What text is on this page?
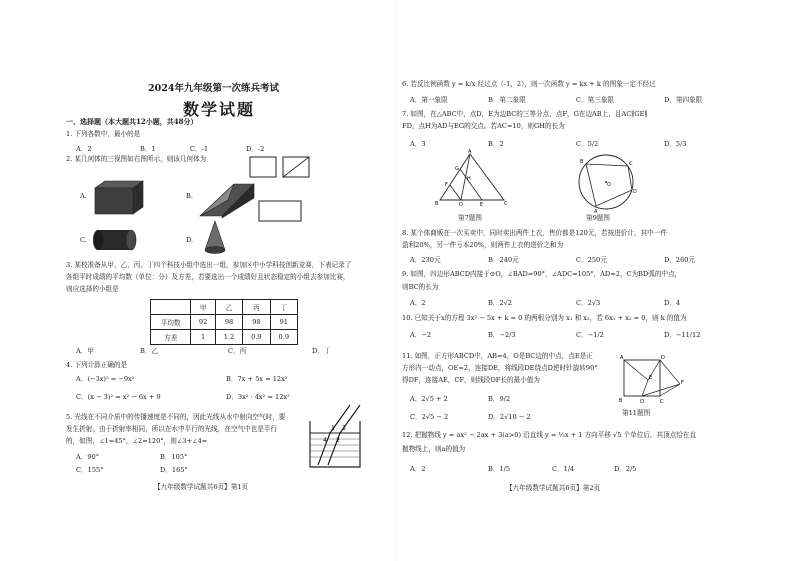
2024年九年级第一次练兵考试
数学试题
一、选择题（本大题共12小题，共48分）
1. 下列各数中，最小的是
A．2	B．1	C．-1	D．-2
2. 某几何体的三视图如右图所示，则该几何体为
A.	B.
C.	D.
3. 某校准备从甲、乙、丙、丁四个科技小组中选出一组，参加区中小学科技创新竞赛，下表记录了
各组平时成绩的平均数（单位：分）及方差，若要选出一个成绩好且状态稳定的小组去参加比赛，
则应选择的小组是
	甲	乙	丙	丁
平均数	92	98	98	91
方差	1	1.2	0.9	0.9
A．甲	B．乙	C．丙	D．丁
4. 下列计算正确的是
A．(−3x)² = −9x²	B．7x + 5x = 12x²
C．(x − 3)² = x² − 6x + 9	D．3x² · 4x² = 12x²
5. 光线在不同介质中的传播速度是不同的，因此光线从水中射向空气时，要
发生折射。由于折射率相同，所以在水中平行的光线，在空气中也是平行
的，如图，∠1=45°，∠2=120°，则∠3+∠4=
A．90°	B．105°
C．155°	D．165°
1
2
3
4
【九年级数学试题共6页】第1页
6. 若反比例函数 y = k/x 经过点（-1，2），则一次函数 y = kx + k 的图象一定不经过
A．第一象限	B．第二象限	C．第三象限	D．第四象限
7. 如图，在△ABC中，点D，E为边BC的三等分点，点F，G在边AB上，且AC∥GE∥
FD，点H为AD与EG的交点。若AC=10，则GH的长为
A．3	B．2	C．5/2	D．5/3
A
B	C
D	E
F
G
H
第7题图
B	C
D
A
O
第9题图
8. 某个体商贩在一次买卖中，同时卖出两件上衣，售价都是120元，若按进价计，其中一件
盈利20%，另一件亏本20%，则两件上衣的进价之和为
A．230元	B．240元	C．250元	D．260元
9. 如图，四边形ABCD内接于⊙O，∠BAD=90°，∠ADC=105°，AD=2，C为BD弧的中点，
则BC的长为
A．2	B．2√2	C．2√3	D．4
10. 已知关于x的方程 3x² − 5x + k = 0 的两根分别为 x₁ 和 x₂，若 6x₁ + x₂ = 0，则 k 的值为
A．−2	B．−2/3	C．−1/2	D．−11/12
11. 如图，正方形ABCD中，AB=4，O是BC边的中点，点E是正
方形内一动点，OE=2，连接DE，将线段DE绕点D逆时针旋转90°
得DF，连接AE，CF，则线段OF长的最小值为
A．2√5 + 2	B．9/2
C．2√5 − 2	D．2√10 − 2
A
B	C
D
E
F
O
第11题图
12. 把抛物线 y = ax² − 2ax + 3(a>0) 沿直线 y = ½x + 1 方向平移 √5 个单位后，其顶点恰在直
抛物线上，则a的值为
A．2	B．1/5	C．1/4	D．2/5
【九年级数学试题共6页】第2页
